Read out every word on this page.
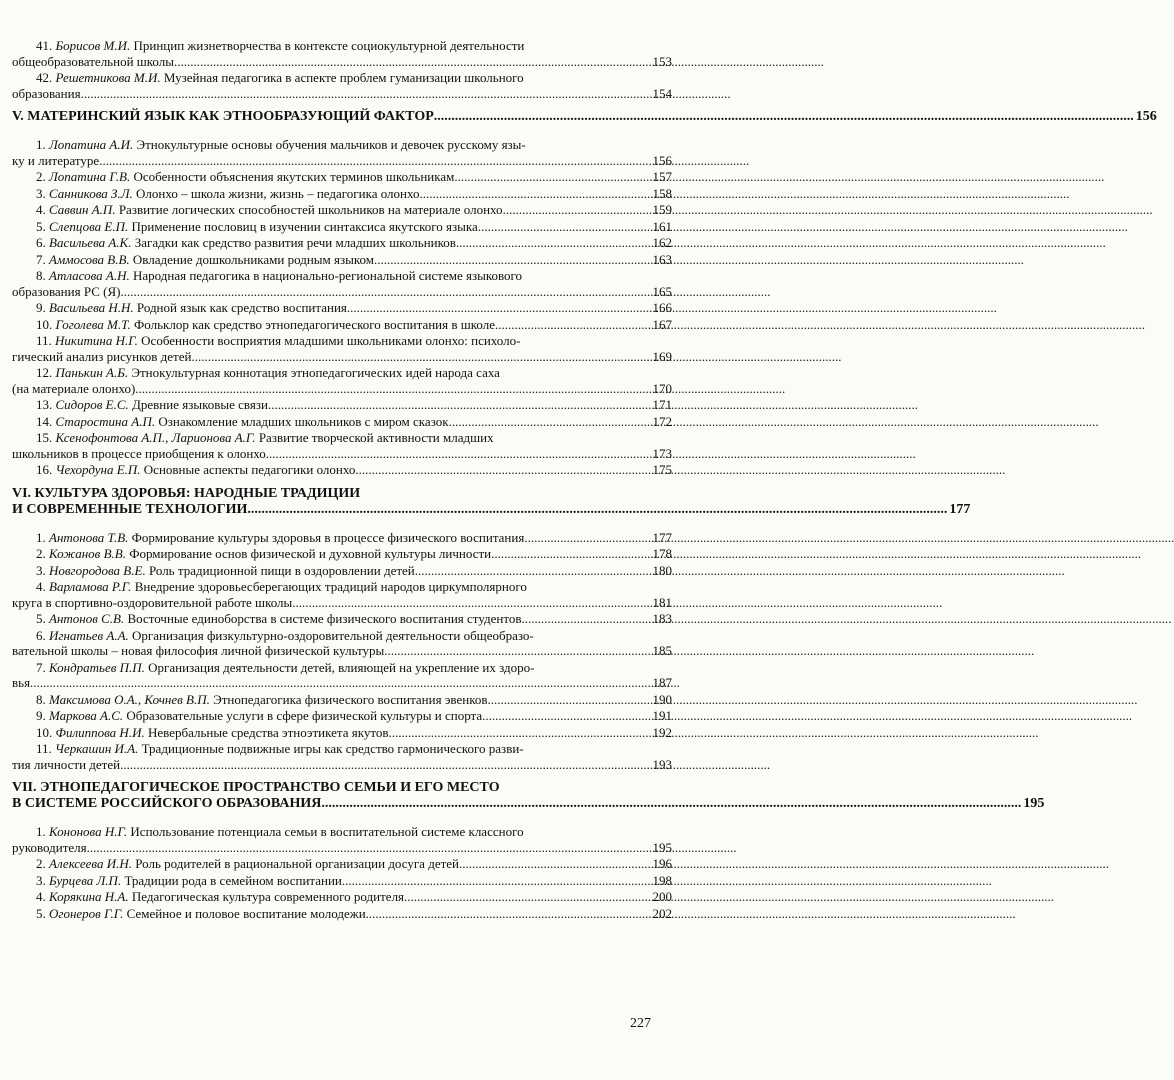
41. Борисов М.И. Принцип жизнетворчества в контексте социокультурной деятельности
общеобразовательной школы .....	153
42. Решетникова М.И. Музейная педагогика в аспекте проблем гуманизации школьного
образования .....	154
V. МАТЕРИНСКИЙ ЯЗЫК КАК ЭТНООБРАЗУЮЩИЙ ФАКТОР .....	156
1. Лопатина А.И. Этнокультурные основы обучения мальчиков и девочек русскому язы-
ку и литературе .....	156
2. Лопатина Г.В. Особенности объяснения якутских терминов школьникам .....	157
3. Санникова З.Л. Олонхо – школа жизни, жизнь – педагогика олонхо .....	158
4. Саввин А.П. Развитие логических способностей школьников на материале олонхо .....	159
5. Слепцова Е.П. Применение пословиц в изучении синтаксиса якутского языка .....	161
6. Васильева А.К. Загадки как средство развития речи младших школьников .....	162
7. Аммосова В.В. Овладение дошкольниками родным языком .....	163
8. Атласова А.Н. Народная педагогика в национально-региональной системе языкового
образования РС (Я) .....	165
9. Васильева Н.Н. Родной язык как средство воспитания .....	166
10. Гоголева М.Т. Фольклор как средство этнопедагогического воспитания в школе .....	167
11. Никитина Н.Г. Особенности восприятия младшими школьниками олонхо: психоло-
гический анализ рисунков детей .....	169
12. Панькин А.Б. Этнокультурная коннотация этнопедагогических идей народа саха
(на материале олонхо) .....	170
13. Сидоров Е.С. Древние языковые связи .....	171
14. Старостина А.П. Ознакомление младших школьников с миром сказок .....	172
15. Ксенофонтова А.П., Ларионова А.Г. Развитие творческой активности младших
школьников в процессе приобщения к олонхо .....	173
16. Чехордуна Е.П. Основные аспекты педагогики олонхо .....	175
VI. КУЛЬТУРА ЗДОРОВЬЯ: НАРОДНЫЕ ТРАДИЦИИ
И СОВРЕМЕННЫЕ ТЕХНОЛОГИИ .....	177
1. Антонова Т.В. Формирование культуры здоровья в процессе физического воспитания .....	177
2. Кожанов В.В. Формирование основ физической и духовной культуры личности .....	178
3. Новгородова В.Е. Роль традиционной пищи в оздоровлении детей .....	180
4. Варламова Р.Г. Внедрение здоровьесберегающих традиций народов циркумполярного
круга в спортивно-оздоровительной работе школы .....	181
5. Антонов С.В. Восточные единоборства в системе физического воспитания студентов .....	183
6. Игнатьев А.А. Организация физкультурно-оздоровительной деятельности общеобразо-
вательной школы – новая философия личной физической культуры .....	185
7. Кондратьев П.П. Организация деятельности детей, влияющей на укрепление их здоро-
вья .....	187
8. Максимова О.А., Кочнев В.П. Этнопедагогика физического воспитания эвенков .....	190
9. Маркова А.С. Образовательные услуги в сфере физической культуры и спорта .....	191
10. Филиппова Н.И. Невербальные средства этноэтикета якутов .....	192
11. Черкашин И.А. Традиционные подвижные игры как средство гармонического разви-
тия личности детей .....	193
VII. ЭТНОПЕДАГОГИЧЕСКОЕ ПРОСТРАНСТВО СЕМЬИ И ЕГО МЕСТО
В СИСТЕМЕ РОССИЙСКОГО ОБРАЗОВАНИЯ .....	195
1. Кононова Н.Г. Использование потенциала семьи в воспитательной системе классного
руководителя .....	195
2. Алексеева И.Н. Роль родителей в рациональной организации досуга детей .....	196
3. Бурцева Л.П. Традиции рода в семейном воспитании .....	198
4. Корякина Н.А. Педагогическая культура современного родителя .....	200
5. Огонеров Г.Г. Семейное и половое воспитание молодежи .....	202
227
